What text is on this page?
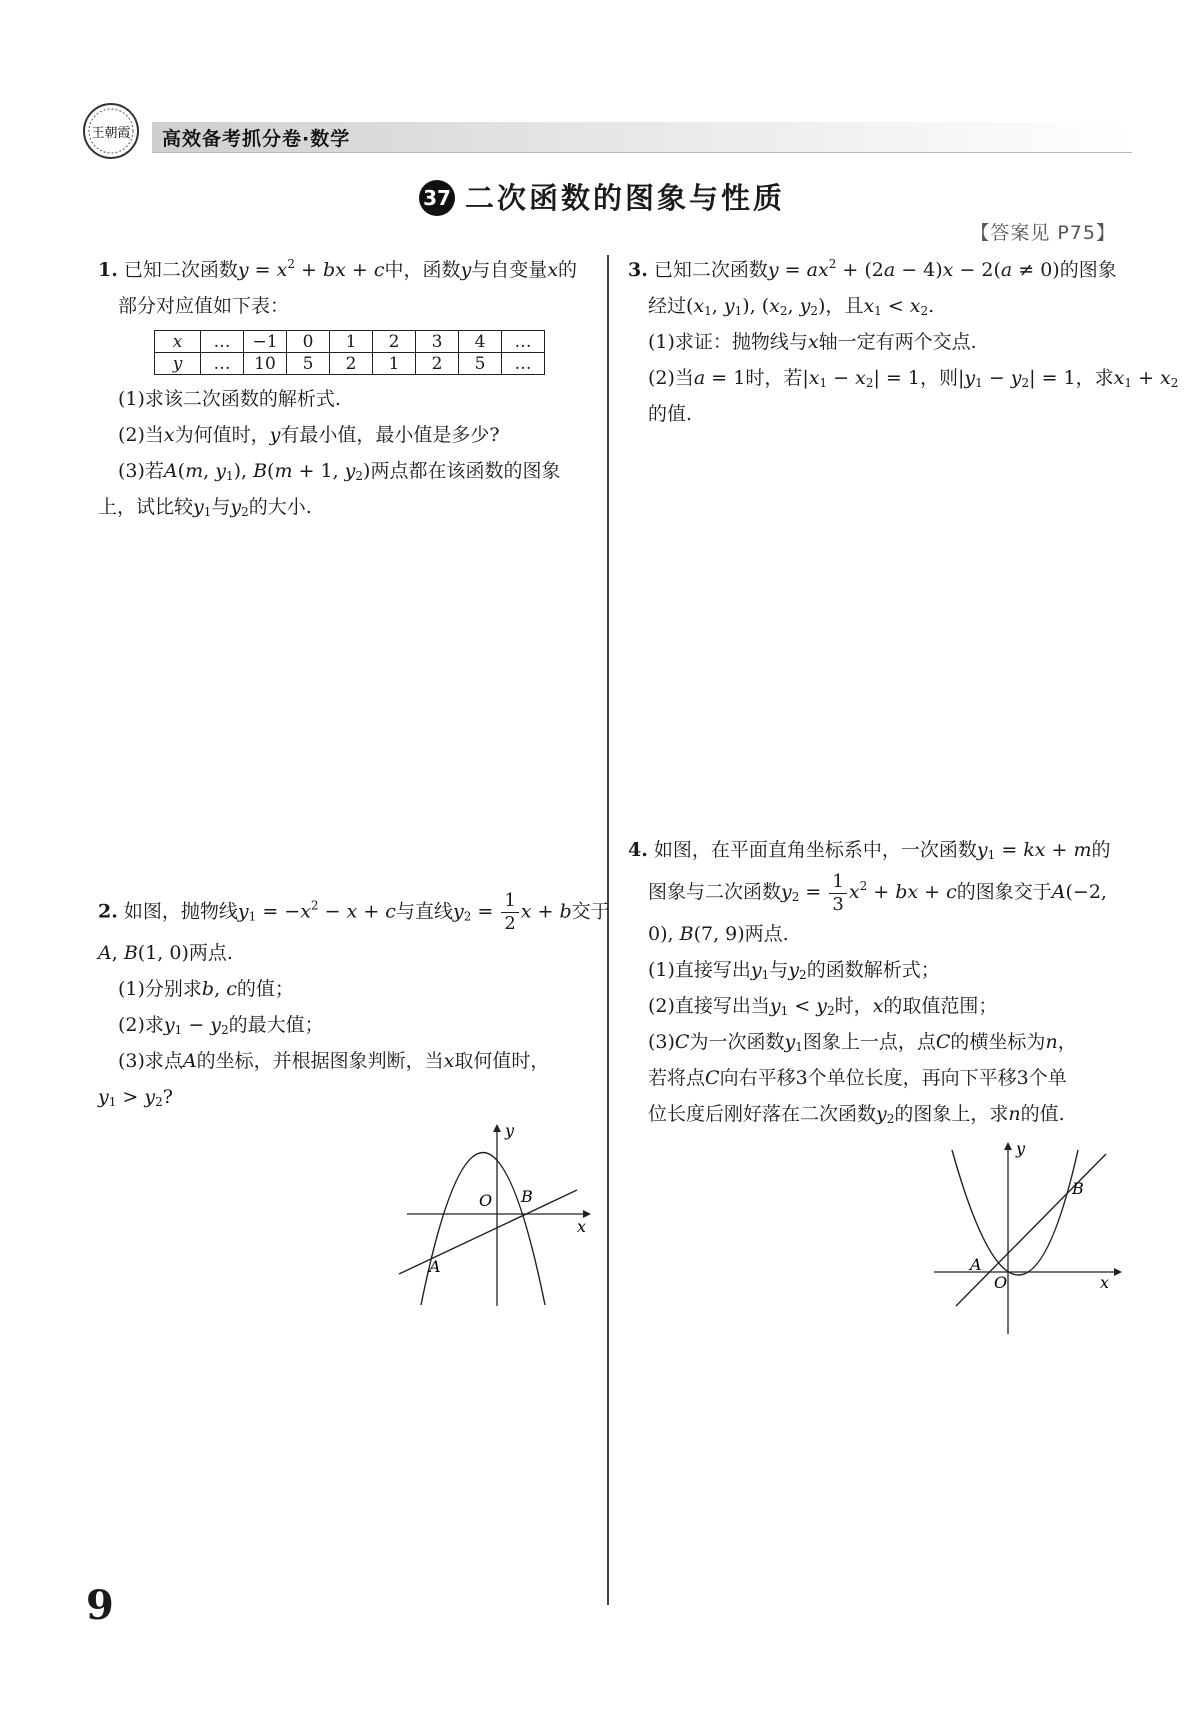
王朝霞 高效备考抓分卷·数学
37 二次函数的图象与性质
【答案见 P75】
1. 已知二次函数$y = x^2$ + bx + c中，函数y与自变量x的
部分对应值如下表：
x	…	−1	0	1	2	3	4	…
y	…	10	5	2	1	2	5	…
(1)求该二次函数的解析式.
(2)当x为何值时，y有最小值，最小值是多少?
(3)若A(m, $y_1$), B(m + 1, $y_2$)两点都在该函数的图象
上，试比较$y_1$与$y_2$的大小.
2. 如图，抛物线$y_1 = -x^2 - x + c$与直线$y_2 = \frac{1}{2}$ x + b交于
A, B(1, 0)两点.
(1)分别求b, c的值；
(2)求$y_1 - y_2$的最大值；
(3)求点A的坐标，并根据图象判断，当x取何值时，
$y_1 > y_2$?
x
y
O B
A
3. 已知二次函数$y = ax^2 + (2a - 4)x - 2(a \ne 0)$的图象
经过($x_1$, $y_1$), ($x_2$, $y_2$)，且$x_1 < x_2$.
(1)求证：抛物线与x轴一定有两个交点.
(2)当a = 1时，若$|x_1 - x_2| = 1$，则$|y_1 - y_2| = 1$，求$x_1 + x_2$
的值.
4. 如图，在平面直角坐标系中，一次函数$y_1$ = kx + m的
图象与二次函数$y_2 = \frac{1}{3} x^2$ + bx + c的图象交于A(−2,
0), B(7, 9)两点.
(1)直接写出$y_1$与$y_2$的函数解析式；
(2)直接写出当$y_1 < y_2$时，x的取值范围；
(3)C为一次函数$y_1$图象上一点，点C的横坐标为n，
若将点C向右平移3个单位长度，再向下平移3个单
位长度后刚好落在二次函数$y_2$的图象上，求n的值.
x
y
O
A
B
9
